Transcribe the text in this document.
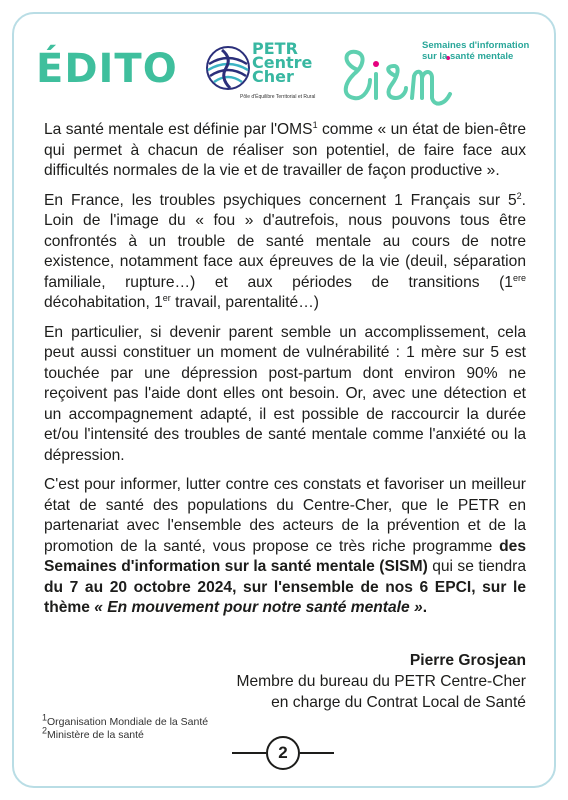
ÉDITO	PETR
Centre
Cher
Pôle d'Équilibre Territorial et Rural
Semaines d'information
sur la santé mentale

La santé mentale est définie par l'OMS$^1$ comme « un état de bien-être qui permet à chacun de réaliser son potentiel, de faire face aux difficultés normales de la vie et de travailler de façon productive ».

En France, les troubles psychiques concernent 1 Français sur $5^2$. Loin de l'image du « fou » d'autrefois, nous pouvons tous être confrontés à un trouble de santé mentale au cours de notre existence, notamment face aux épreuves de la vie (deuil, séparation familiale, rupture…) et aux périodes de transitions (1ere décohabitation, 1er travail, parentalité…)

En particulier, si devenir parent semble un accomplissement, cela peut aussi constituer un moment de vulnérabilité : 1 mère sur 5 est touchée par une dépression post-partum dont environ 90% ne reçoivent pas l'aide dont elles ont besoin. Or, avec une détection et un accompagnement adapté, il est possible de raccourcir la durée et/ou l'intensité des troubles de santé mentale comme l'anxiété ou la dépression.

C'est pour informer, lutter contre ces constats et favoriser un meilleur état de santé des populations du Centre-Cher, que le PETR en partenariat avec l'ensemble des acteurs de la prévention et de la promotion de la santé, vous propose ce très riche programme des Semaines d'information sur la santé mentale (SISM) qui se tiendra du 7 au 20 octobre 2024, sur l'ensemble de nos 6 EPCI, sur le thème « En mouvement pour notre santé mentale ».

Pierre Grosjean
Membre du bureau du PETR Centre-Cher
en charge du Contrat Local de Santé
$^1$Organisation Mondiale de la Santé
$^2$Ministère de la santé
2
